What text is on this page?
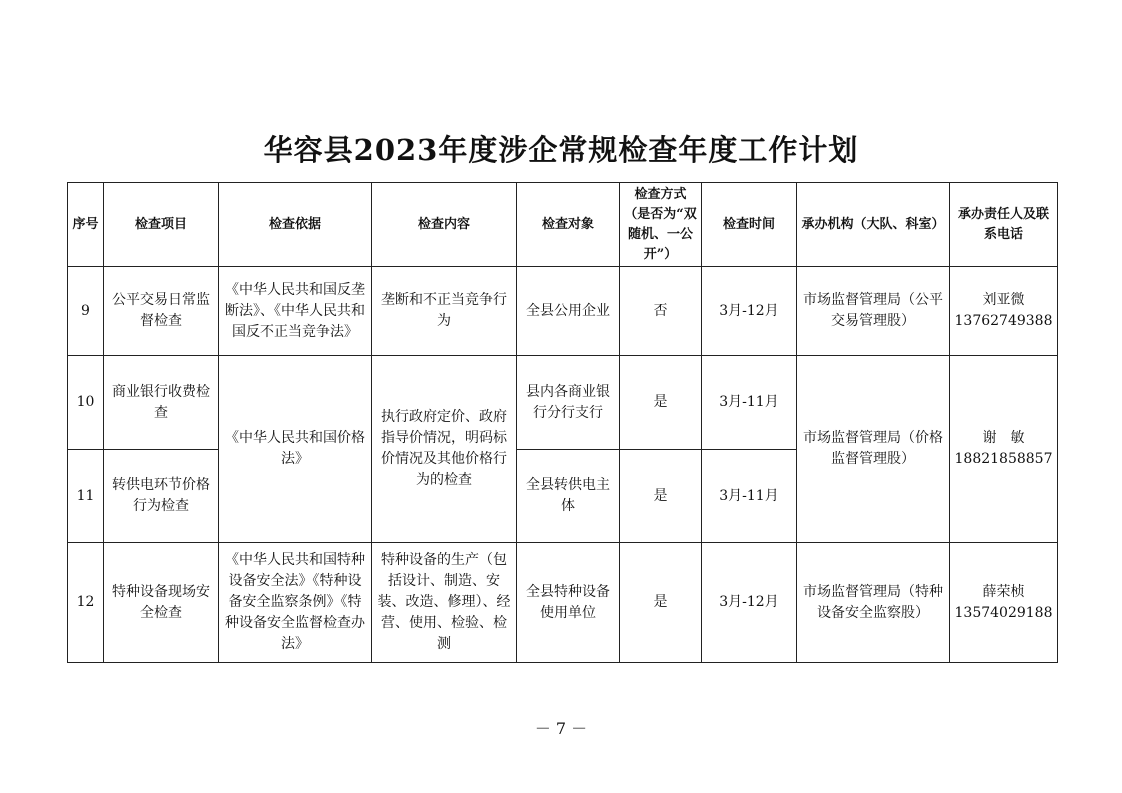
华容县2023年度涉企常规检查年度工作计划
序号	检查项目	检查依据	检查内容	检查对象	检查方式（是否为“双随机、一公开”）	检查时间	承办机构（大队、科室）	承办责任人及联系电话
9	公平交易日常监督检查	《中华人民共和国反垄断法》、《中华人民共和国反不正当竞争法》	垄断和不正当竞争行为	全县公用企业	否	3月-12月	市场监督管理局（公平交易管理股）	刘亚微13762749388
10	商业银行收费检查	《中华人民共和国价格法》	执行政府定价、政府指导价情况，明码标价情况及其他价格行为的检查	县内各商业银行分行支行	是	3月-11月	市场监督管理局（价格监督管理股）	谢　敏18821858857
11	转供电环节价格行为检查			全县转供电主体	是	3月-11月		
12	特种设备现场安全检查	《中华人民共和国特种设备安全法》《特种设备安全监察条例》《特种设备安全监督检查办法》	特种设备的生产（包括设计、制造、安装、改造、修理）、经营、使用、检验、检测	全县特种设备使用单位	是	3月-12月	市场监督管理局（特种设备安全监察股）	薛荣桢13574029188
－ 7 －
